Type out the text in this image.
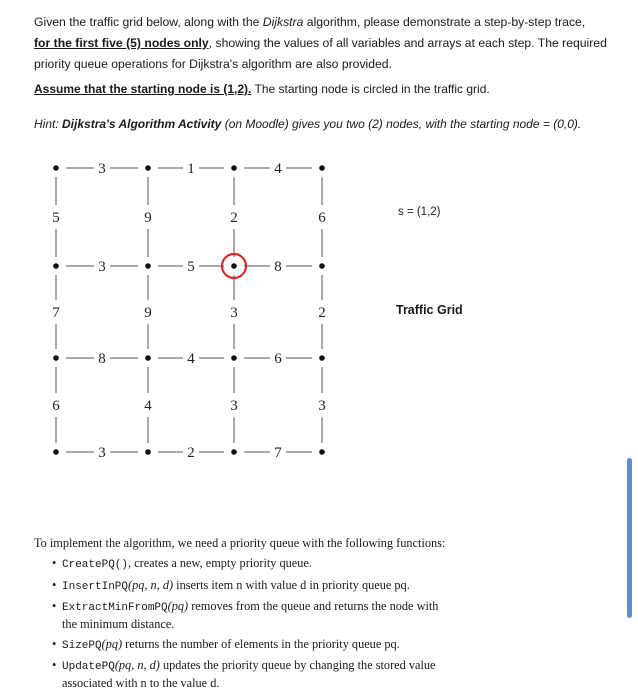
Given the traffic grid below, along with the Dijkstra algorithm, please demonstrate a step-by-step trace,

for the first five (5) nodes only, showing the values of all variables and arrays at each step. The required

priority queue operations for Dijkstra's algorithm are also provided.

Assume that the starting node is (1,2). The starting node is circled in the traffic grid.
Hint: Dijkstra's Algorithm Activity (on Moodle) gives you two (2) nodes, with the starting node = (0,0).
3	1	4
3	5	8
8	4	6
3	2	7
5	9	2	6
7	9	3	2
6	4	3	3
s = (1,2)
Traffic Grid

To implement the algorithm, we need a priority queue with the following functions:

• CreatePQ(), creates a new, empty priority queue.
• InsertInPQ(pq, n, d) inserts item n with value d in priority queue pq.
• ExtractMinFromPQ(pq) removes from the queue and returns the node with the minimum distance.
• SizePQ(pq) returns the number of elements in the priority queue pq.
• UpdatePQ(pq, n, d) updates the priority queue by changing the stored value associated with n to the value d.
